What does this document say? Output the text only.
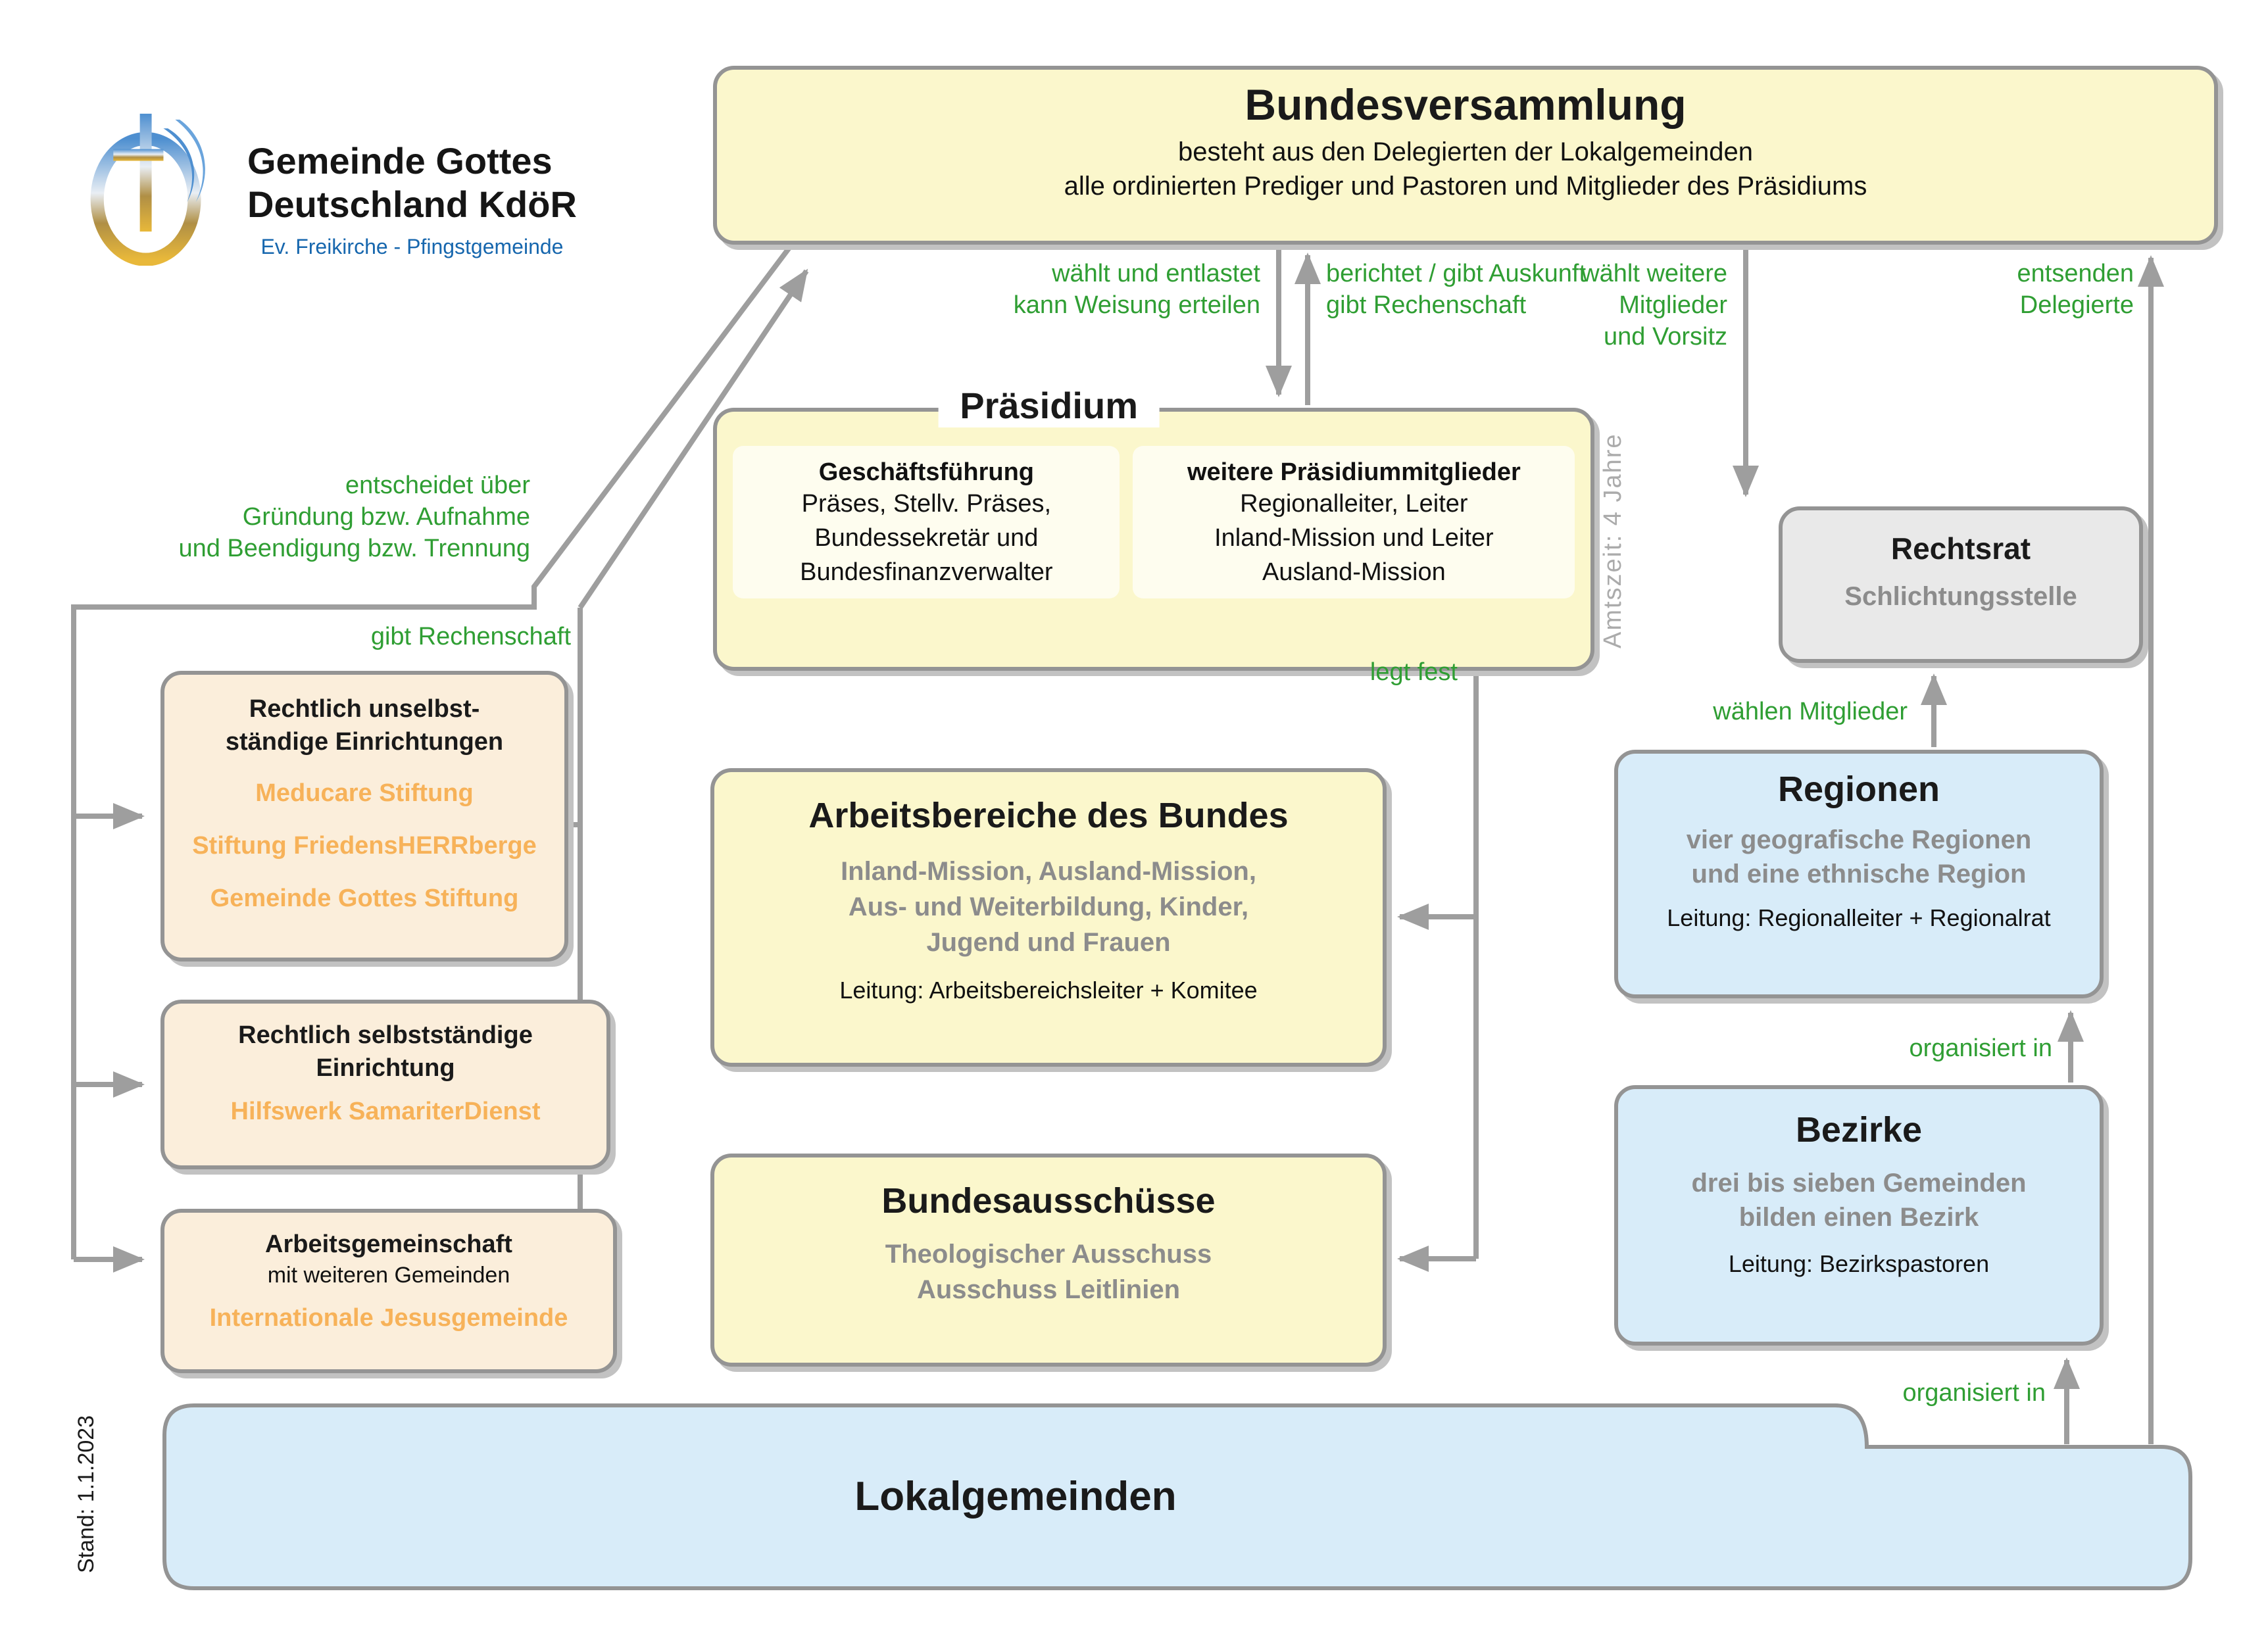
Gemeinde Gottes
Deutschland KdöR
Ev. Freikirche - Pfingstgemeinde
Bundesversammlung
besteht aus den Delegierten der Lokalgemeinden
alle ordinierten Prediger und Pastoren und Mitglieder des Präsidiums
Präsidium
Geschäftsführung
Präses, Stellv. Präses,
Bundessekretär und
Bundesfinanzverwalter
weitere Präsidiummitglieder
Regionalleiter, Leiter
Inland-Mission und Leiter
Ausland-Mission	Amtszeit: 4 Jahre	Rechtsrat
Schlichtungsstelle
Rechtlich unselbst-
ständige Einrichtungen
Meducare Stiftung
Stiftung FriedensHERRberge
Gemeinde Gottes Stiftung
Rechtlich selbstständige
Einrichtung
Hilfswerk SamariterDienst
Arbeitsgemeinschaft
mit weiteren Gemeinden
Internationale Jesusgemeinde
Arbeitsbereiche des Bundes
Inland-Mission, Ausland-Mission,
Aus- und Weiterbildung, Kinder,
Jugend und Frauen
Leitung: Arbeitsbereichsleiter + Komitee
Bundesausschüsse
Theologischer Ausschuss
Ausschuss Leitlinien
Regionen
vier geografische Regionen
und eine ethnische Region
Leitung: Regionalleiter + Regionalrat
Bezirke
drei bis sieben Gemeinden
bilden einen Bezirk
Leitung: Bezirkspastoren
Lokalgemeinden
wählt und entlastet
kann Weisung erteilen
berichtet / gibt Auskunft
gibt Rechenschaft
wählt weitere
Mitglieder
und Vorsitz
entsenden
Delegierte
entscheidet über
Gründung bzw. Aufnahme
und Beendigung bzw. Trennung
gibt Rechenschaft
legt fest
wählen Mitglieder
organisiert in
organisiert in
Stand: 1.1.2023
